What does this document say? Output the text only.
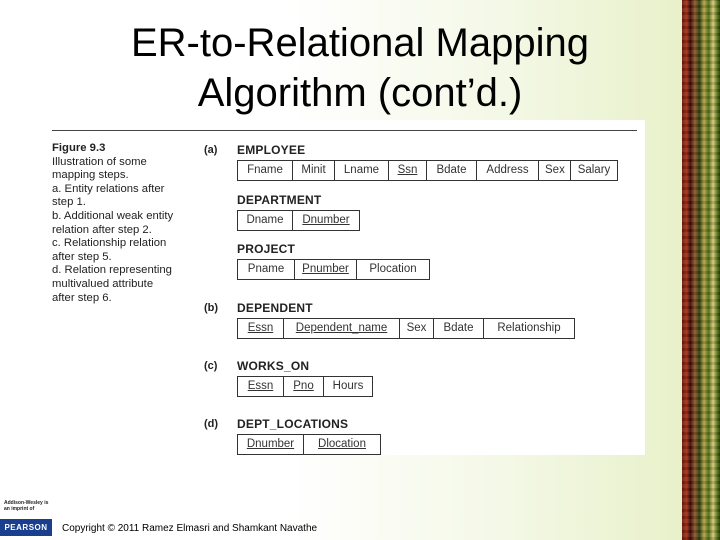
ER-to-Relational Mapping
Algorithm (cont’d.)
Figure 9.3
Illustration of some
mapping steps.
a. Entity relations after
step 1.
b. Additional weak entity
relation after step 2.
c. Relationship relation
after step 5.
d. Relation representing
multivalued attribute
after step 6.
(a) EMPLOYEE
Fname	Minit	Lname	Ssn	Bdate	Address	Sex	Salary
DEPARTMENT
Dname	Dnumber
PROJECT
Pname	Pnumber	Plocation
(b) DEPENDENT
Essn	Dependent_name	Sex	Bdate	Relationship
(c) WORKS_ON
Essn	Pno	Hours
(d) DEPT_LOCATIONS
Dnumber	Dlocation
Addison-Wesley is an imprint of
PEARSON	Copyright © 2011 Ramez Elmasri and Shamkant Navathe
